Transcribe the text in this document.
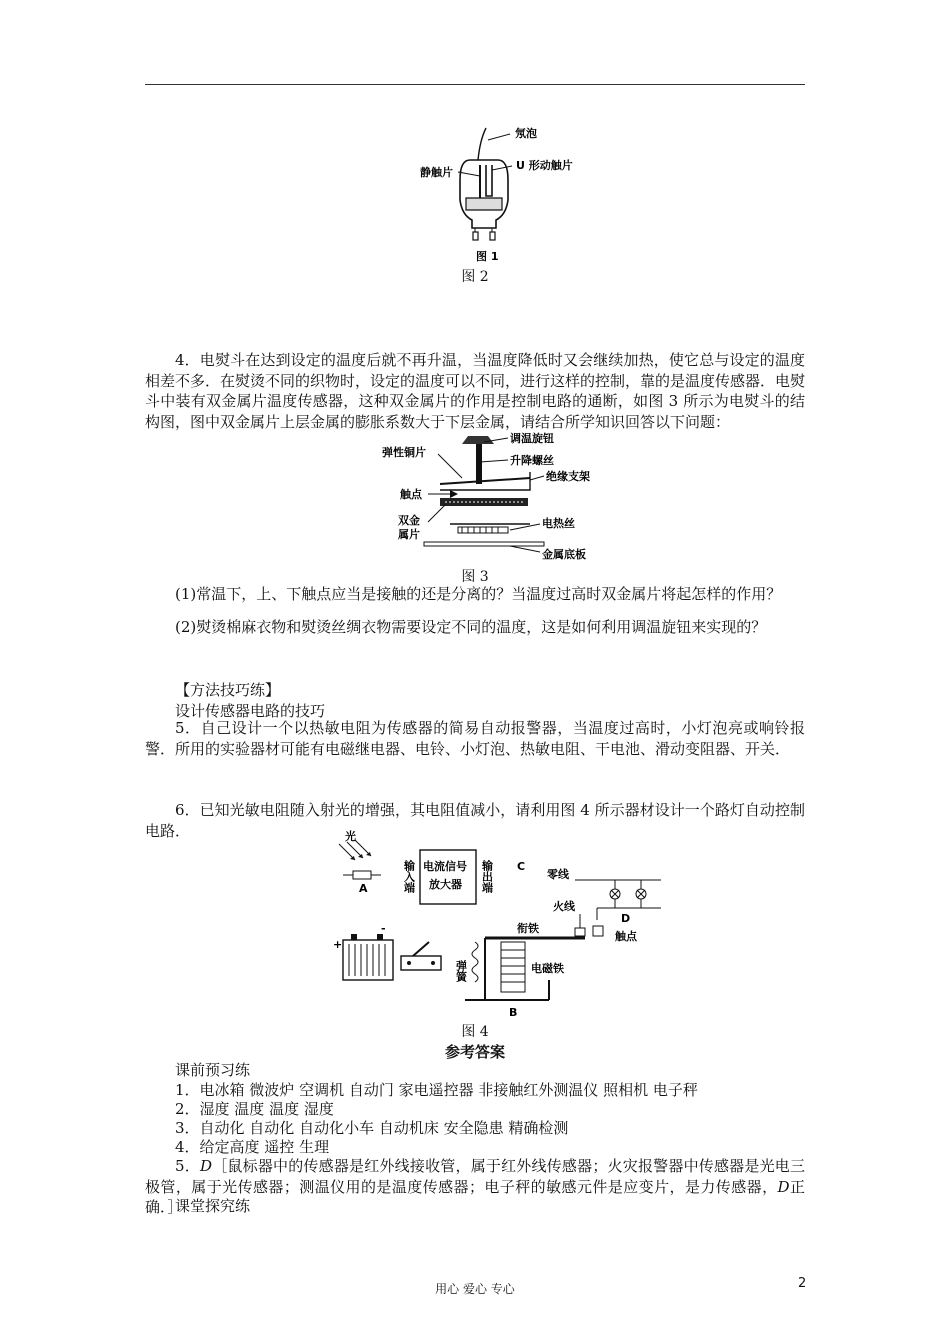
氖泡
静触片
U 形动触片
图 1
图 2

4．电熨斗在达到设定的温度后就不再升温，当温度降低时又会继续加热，使它总与设定的温度相差不多．在熨烫不同的织物时，设定的温度可以不同，进行这样的控制，靠的是温度传感器．电熨斗中装有双金属片温度传感器，这种双金属片的作用是控制电路的通断，如图 3 所示为电熨斗的结构图，图中双金属片上层金属的膨胀系数大于下层金属，请结合所学知识回答以下问题：

调温旋钮
弹性铜片
升降螺丝
绝缘支架
触点
双金
属片
电热丝
金属底板
图 3

(1)常温下，上、下触点应当是接触的还是分离的？当温度过高时双金属片将起怎样的作用？

(2)熨烫棉麻衣物和熨烫丝绸衣物需要设定不同的温度，这是如何利用调温旋钮来实现的？

【方法技巧练】

设计传感器电路的技巧

5．自己设计一个以热敏电阻为传感器的简易自动报警器，当温度过高时，小灯泡亮或响铃报警．所用的实验器材可能有电磁继电器、电铃、小灯泡、热敏电阻、干电池、滑动变阻器、开关．

6．已知光敏电阻随入射光的增强，其电阻值减小，请利用图 4 所示器材设计一个路灯自动控制电路．	光
A
电流信号
放大器
输入端	输出端 C
零线
火线
D
触点
衔铁
弹簧	电磁铁
B
+
-
图 4
参考答案

课前预习练

1．电冰箱 微波炉 空调机 自动门 家电遥控器 非接触红外测温仪 照相机 电子秤

2．湿度 温度 温度 湿度

3．自动化 自动化 自动化小车 自动机床 安全隐患 精确检测

4．给定高度 遥控 生理

5．D［鼠标器中的传感器是红外线接收管，属于红外线传感器；火灾报警器中传感器是光电三极管，属于光传感器；测温仪用的是温度传感器；电子秤的敏感元件是应变片，是力传感器，D正确．］

课堂探究练

用心 爱心 专心	2
